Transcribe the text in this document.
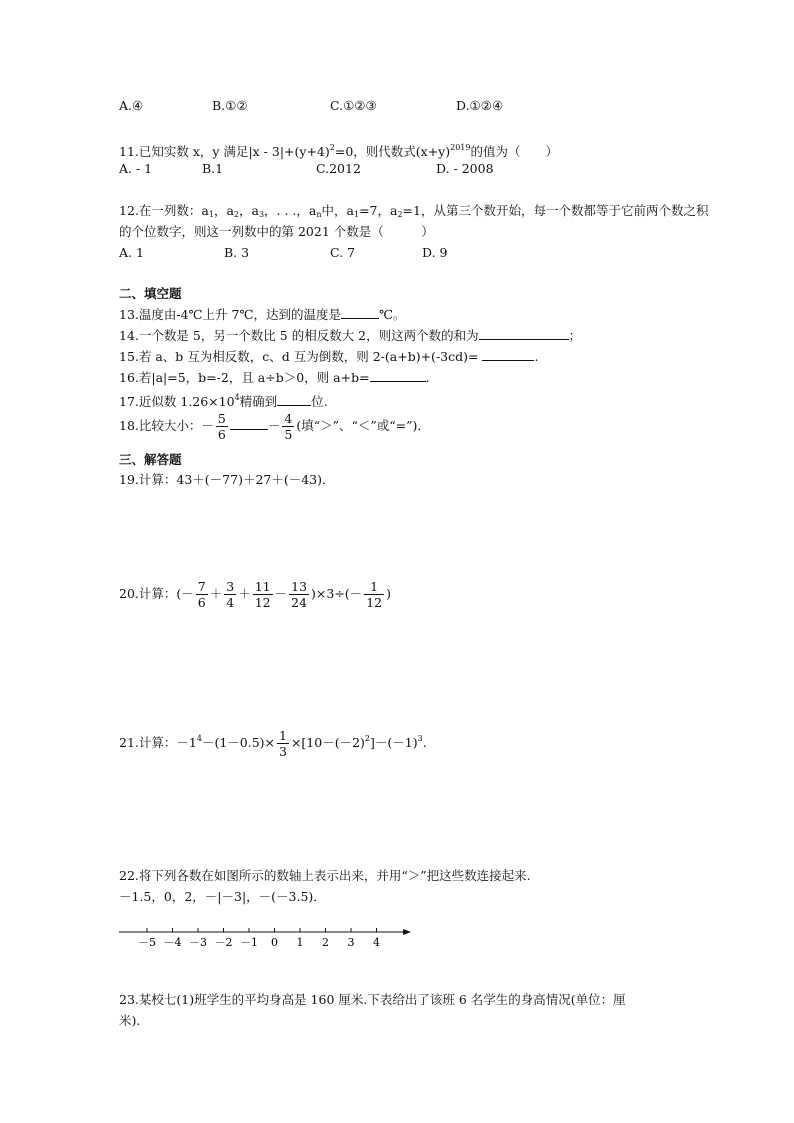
A.④	B.①②	C.①②③	D.①②④
11.已知实数 x，y 满足$|x - 3|+(y+4)^2=0$，则代数式$(x+y)^{2019}$的值为（　　）
A. - 1	B.1	C.2012	D. - 2008
12.在一列数：$a_1$，$a_2$，$a_3$，. . .，$a_n$中，$a_1=7$，$a_2=1$，从第三个数开始，每一个数都等于它前两个数之积
的个位数字，则这一列数中的第 2021 个数是（　　　）
A. 1	B. 3	C. 7	D. 9
二、填空题
13.温度由-4℃上升 7℃，达到的温度是	℃。
14.一个数是 5，另一个数比 5 的相反数大 2，则这两个数的和为	；
15.若 a、b 互为相反数，c、d 互为倒数，则 2-(a+b)+(-3cd)=	.
16.若|a|=5，b=-2，且 a÷b＞0，则 a+b=	.
17.近似数 $1.26\times 10^4$精确到	位.
18.比较大小：－ $\frac{5}{6}$	－ $\frac{4}{5}$ (填“＞”、“＜”或“=”)．
三、解答题
19.计算：43＋(－77)＋27＋(－43)．
20.计算：(－ $\frac{7}{6} + \frac{3}{4} + \frac{11}{12} - \frac{13}{24} )\times 3\div(- \frac{1}{12}$ )
21.计算：$-1^4-(1-0.5)\times \frac{1}{3} \times[10-(-2)^2]-(-1)^3$.
22.将下列各数在如图所示的数轴上表示出来，并用“＞”把这些数连接起来.
－1.5，0，2，－|－3|，－(－3.5)．
－5 －4 －3 －2 －1 0 1 2 3 4
23.某校七(1)班学生的平均身高是 160 厘米.下表给出了该班 6 名学生的身高情况(单位：厘
米).
